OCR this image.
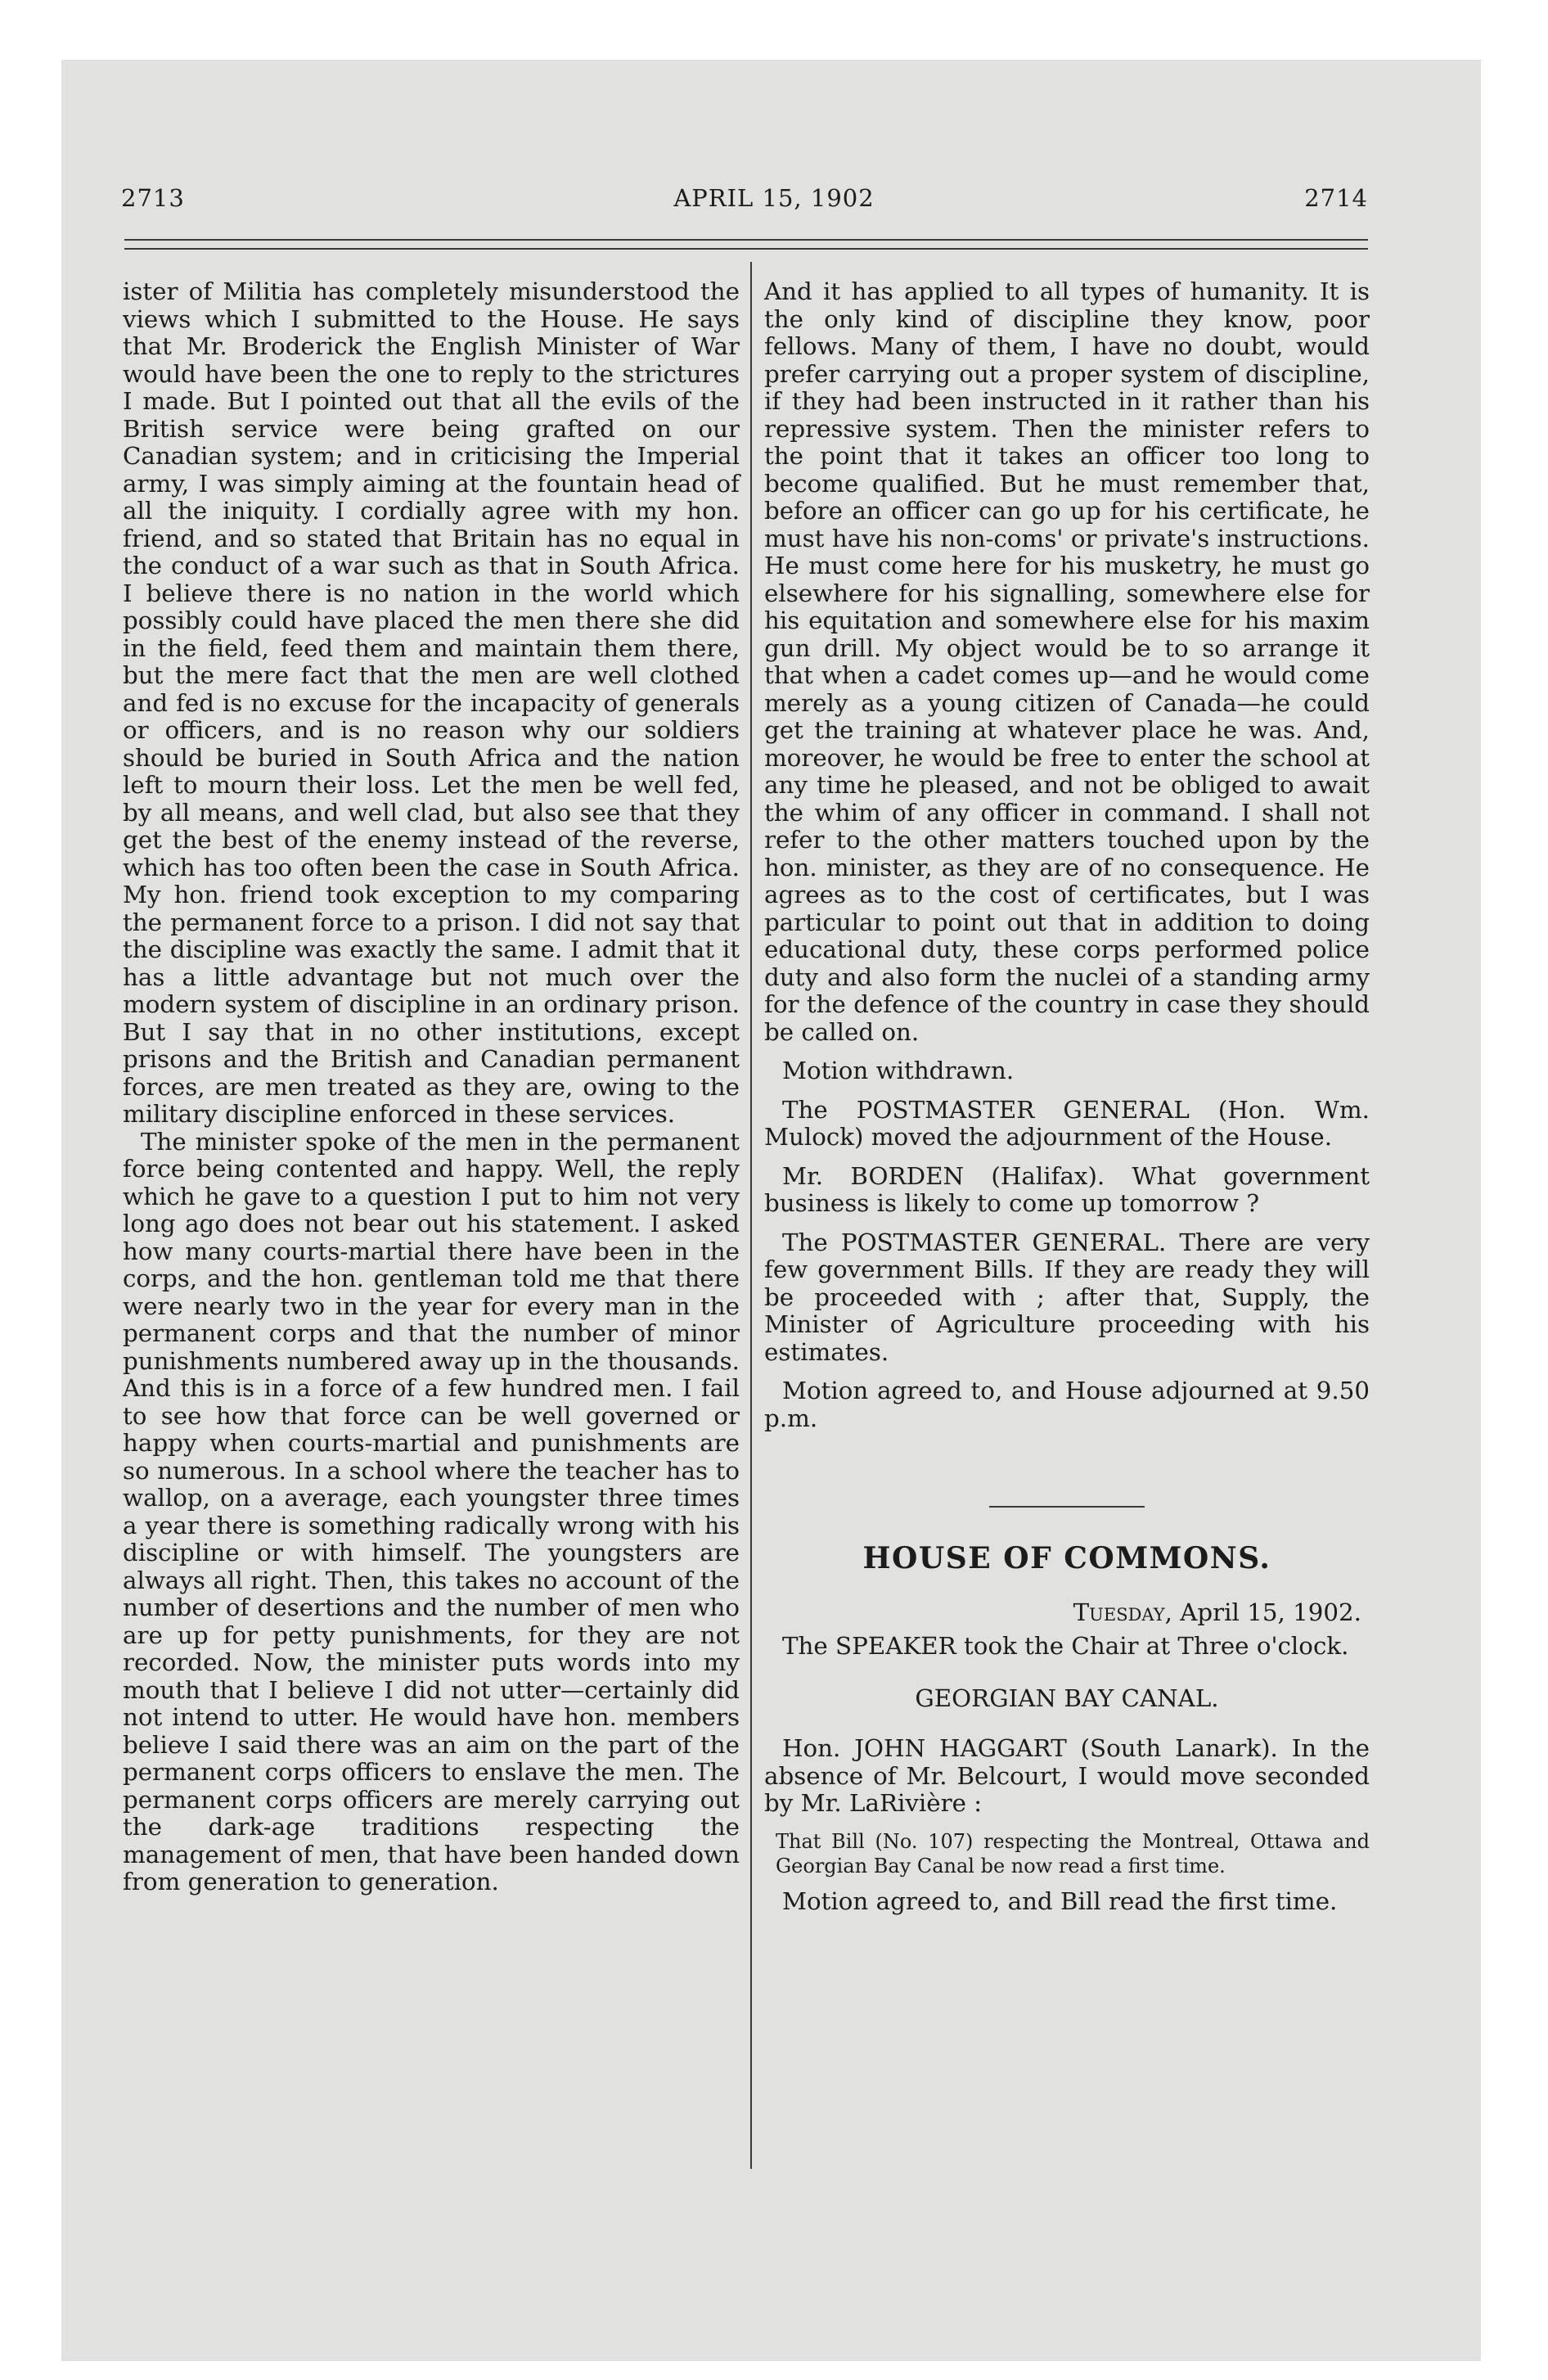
2713	APRIL 15, 1902	2714

ister of Militia has completely misunderstood the views which I submitted to the House. He says that Mr. Broderick the English Minister of War would have been the one to reply to the strictures I made. But I pointed out that all the evils of the British service were being grafted on our Canadian system; and in criticising the Imperial army, I was simply aiming at the fountain head of all the iniquity. I cordially agree with my hon. friend, and so stated that Britain has no equal in the conduct of a war such as that in South Africa. I believe there is no nation in the world which possibly could have placed the men there she did in the field, feed them and maintain them there, but the mere fact that the men are well clothed and fed is no excuse for the incapacity of generals or officers, and is no reason why our soldiers should be buried in South Africa and the nation left to mourn their loss. Let the men be well fed, by all means, and well clad, but also see that they get the best of the enemy instead of the reverse, which has too often been the case in South Africa. My hon. friend took exception to my comparing the permanent force to a prison. I did not say that the discipline was exactly the same. I admit that it has a little advantage but not much over the modern system of discipline in an ordinary prison. But I say that in no other institutions, except prisons and the British and Canadian permanent forces, are men treated as they are, owing to the military discipline enforced in these services.

The minister spoke of the men in the permanent force being contented and happy. Well, the reply which he gave to a question I put to him not very long ago does not bear out his statement. I asked how many courts-martial there have been in the corps, and the hon. gentleman told me that there were nearly two in the year for every man in the permanent corps and that the number of minor punishments numbered away up in the thousands. And this is in a force of a few hundred men. I fail to see how that force can be well governed or happy when courts-martial and punishments are so numerous. In a school where the teacher has to wallop, on a average, each youngster three times a year there is something radically wrong with his discipline or with himself. The youngsters are always all right. Then, this takes no account of the number of desertions and the number of men who are up for petty punishments, for they are not recorded. Now, the minister puts words into my mouth that I believe I did not utter—certainly did not intend to utter. He would have hon. members believe I said there was an aim on the part of the permanent corps officers to enslave the men. The permanent corps officers are merely carrying out the dark-age traditions respecting the management of men, that have been handed down from generation to generation.

And it has applied to all types of humanity. It is the only kind of discipline they know, poor fellows. Many of them, I have no doubt, would prefer carrying out a proper system of discipline, if they had been instructed in it rather than his repressive system. Then the minister refers to the point that it takes an officer too long to become qualified. But he must remember that, before an officer can go up for his certificate, he must have his non-coms' or private's instructions. He must come here for his musketry, he must go elsewhere for his signalling, somewhere else for his equitation and somewhere else for his maxim gun drill. My object would be to so arrange it that when a cadet comes up—and he would come merely as a young citizen of Canada—he could get the training at whatever place he was. And, moreover, he would be free to enter the school at any time he pleased, and not be obliged to await the whim of any officer in command. I shall not refer to the other matters touched upon by the hon. minister, as they are of no consequence. He agrees as to the cost of certificates, but I was particular to point out that in addition to doing educational duty, these corps performed police duty and also form the nuclei of a standing army for the defence of the country in case they should be called on.

Motion withdrawn.

The POSTMASTER GENERAL (Hon. Wm. Mulock) moved the adjournment of the House.

Mr. BORDEN (Halifax). What government business is likely to come up tomorrow ?

The POSTMASTER GENERAL. There are very few government Bills. If they are ready they will be proceeded with ; after that, Supply, the Minister of Agriculture proceeding with his estimates.

Motion agreed to, and House adjourned at 9.50 p.m.

HOUSE OF COMMONS.
Tuesday, April 15, 1902.

The SPEAKER took the Chair at Three o'clock.

GEORGIAN BAY CANAL.

Hon. JOHN HAGGART (South Lanark). In the absence of Mr. Belcourt, I would move seconded by Mr. LaRivière :

That Bill (No. 107) respecting the Montreal, Ottawa and Georgian Bay Canal be now read a first time.

Motion agreed to, and Bill read the first time.
